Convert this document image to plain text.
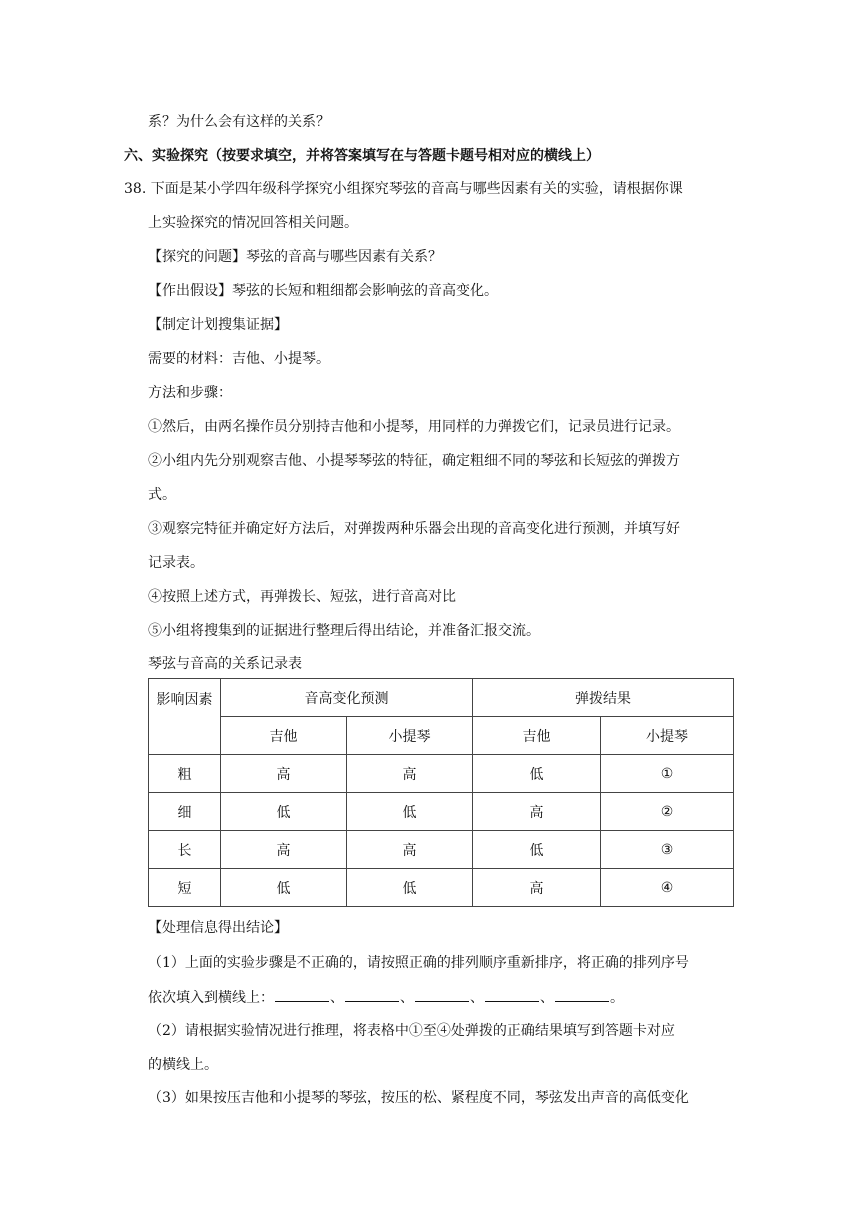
系？为什么会有这样的关系？
六、实验探究（按要求填空，并将答案填写在与答题卡题号相对应的横线上）
38. 下面是某小学四年级科学探究小组探究琴弦的音高与哪些因素有关的实验，请根据你课
上实验探究的情况回答相关问题。
【探究的问题】琴弦的音高与哪些因素有关系？
【作出假设】琴弦的长短和粗细都会影响弦的音高变化。
【制定计划搜集证据】
需要的材料：吉他、小提琴。
方法和步骤：
①然后，由两名操作员分别持吉他和小提琴，用同样的力弹拨它们，记录员进行记录。
②小组内先分别观察吉他、小提琴琴弦的特征，确定粗细不同的琴弦和长短弦的弹拨方
式。
③观察完特征并确定好方法后，对弹拨两种乐器会出现的音高变化进行预测，并填写好
记录表。
④按照上述方式，再弹拨长、短弦，进行音高对比
⑤小组将搜集到的证据进行整理后得出结论，并准备汇报交流。
琴弦与音高的关系记录表
影响因素	音高变化预测		弹拨结果	
	吉他	小提琴	吉他	小提琴
粗	高	高	低	①
细	低	低	高	②
长	高	高	低	③
短	低	低	高	④
【处理信息得出结论】
（1）上面的实验步骤是不正确的，请按照正确的排列顺序重新排序，将正确的排列序号
依次填入到横线上：	、	、	、	、	。
（2）请根据实验情况进行推理，将表格中①至④处弹拨的正确结果填写到答题卡对应
的横线上。
（3）如果按压吉他和小提琴的琴弦，按压的松、紧程度不同，琴弦发出声音的高低变化
